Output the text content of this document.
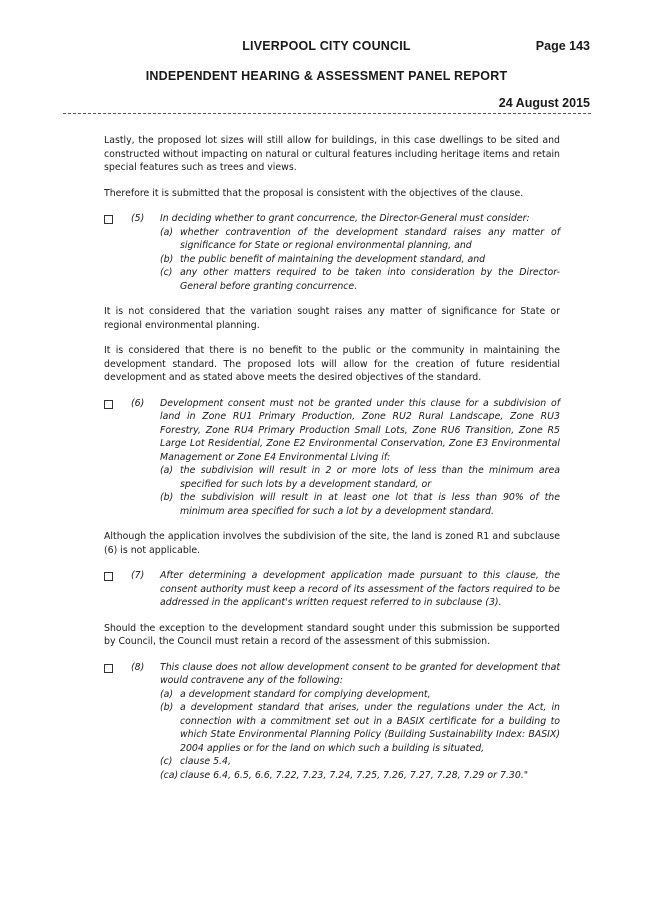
LIVERPOOL CITY COUNCIL	Page 143
INDEPENDENT HEARING & ASSESSMENT PANEL REPORT
24 August 2015

Lastly, the proposed lot sizes will still allow for buildings, in this case dwellings to be sited and constructed without impacting on natural or cultural features including heritage items and retain special features such as trees and views.

Therefore it is submitted that the proposal is consistent with the objectives of the clause.

(5) In deciding whether to grant concurrence, the Director-General must consider:
(a) whether contravention of the development standard raises any matter of significance for State or regional environmental planning, and
(b) the public benefit of maintaining the development standard, and
(c) any other matters required to be taken into consideration by the Director-General before granting concurrence.

It is not considered that the variation sought raises any matter of significance for State or regional environmental planning.

It is considered that there is no benefit to the public or the community in maintaining the development standard. The proposed lots will allow for the creation of future residential development and as stated above meets the desired objectives of the standard.

(6) Development consent must not be granted under this clause for a subdivision of land in Zone RU1 Primary Production, Zone RU2 Rural Landscape, Zone RU3 Forestry, Zone RU4 Primary Production Small Lots, Zone RU6 Transition, Zone R5 Large Lot Residential, Zone E2 Environmental Conservation, Zone E3 Environmental Management or Zone E4 Environmental Living if:
(a) the subdivision will result in 2 or more lots of less than the minimum area specified for such lots by a development standard, or
(b) the subdivision will result in at least one lot that is less than 90% of the minimum area specified for such a lot by a development standard.

Although the application involves the subdivision of the site, the land is zoned R1 and subclause (6) is not applicable.

(7) After determining a development application made pursuant to this clause, the consent authority must keep a record of its assessment of the factors required to be addressed in the applicant's written request referred to in subclause (3).

Should the exception to the development standard sought under this submission be supported by Council, the Council must retain a record of the assessment of this submission.

(8) This clause does not allow development consent to be granted for development that would contravene any of the following:
(a) a development standard for complying development,
(b) a development standard that arises, under the regulations under the Act, in connection with a commitment set out in a BASIX certificate for a building to which State Environmental Planning Policy (Building Sustainability Index: BASIX) 2004 applies or for the land on which such a building is situated,
(c) clause 5.4,
(ca) clause 6.4, 6.5, 6.6, 7.22, 7.23, 7.24, 7.25, 7.26, 7.27, 7.28, 7.29 or 7.30."
